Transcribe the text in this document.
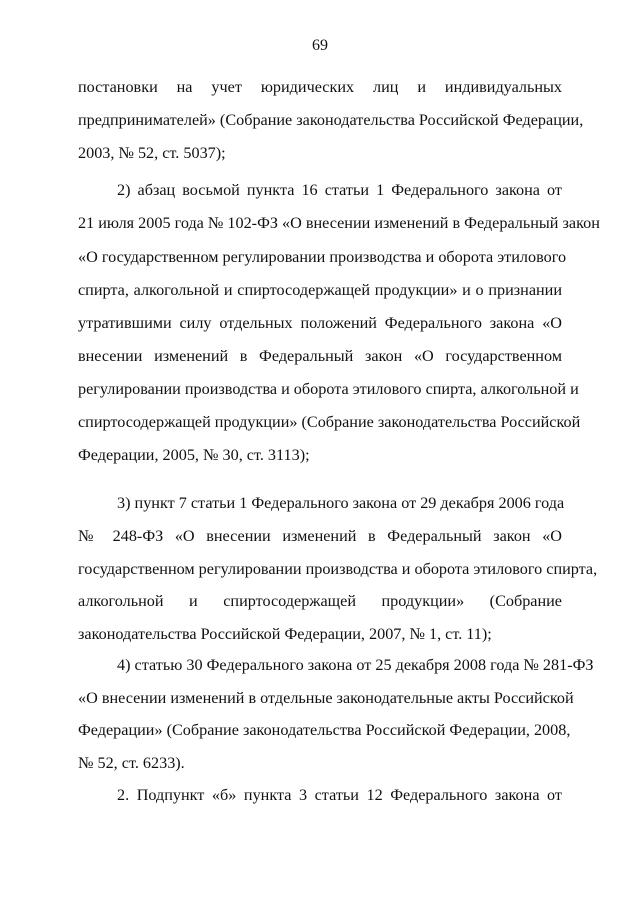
69
постановки на учет юридических лиц и индивидуальных
предпринимателей» (Собрание законодательства Российской Федерации,
2003, № 52, ст. 5037);
2) абзац восьмой пункта 16 статьи 1 Федерального закона от
21 июля 2005 года № 102-ФЗ «О внесении изменений в Федеральный закон
«О государственном регулировании производства и оборота этилового
спирта, алкогольной и спиртосодержащей продукции» и о признании
утратившими силу отдельных положений Федерального закона «О
внесении изменений в Федеральный закон «О государственном
регулировании производства и оборота этилового спирта, алкогольной и
спиртосодержащей продукции» (Собрание законодательства Российской
Федерации, 2005, № 30, ст. 3113);
3) пункт 7 статьи 1 Федерального закона от 29 декабря 2006 года
№ 248-ФЗ «О внесении изменений в Федеральный закон «О
государственном регулировании производства и оборота этилового спирта,
алкогольной и спиртосодержащей продукции» (Собрание
законодательства Российской Федерации, 2007, № 1, ст. 11);
4) статью 30 Федерального закона от 25 декабря 2008 года № 281-ФЗ
«О внесении изменений в отдельные законодательные акты Российской
Федерации» (Собрание законодательства Российской Федерации, 2008,
№ 52, ст. 6233).
2. Подпункт «б» пункта 3 статьи 12 Федерального закона от
